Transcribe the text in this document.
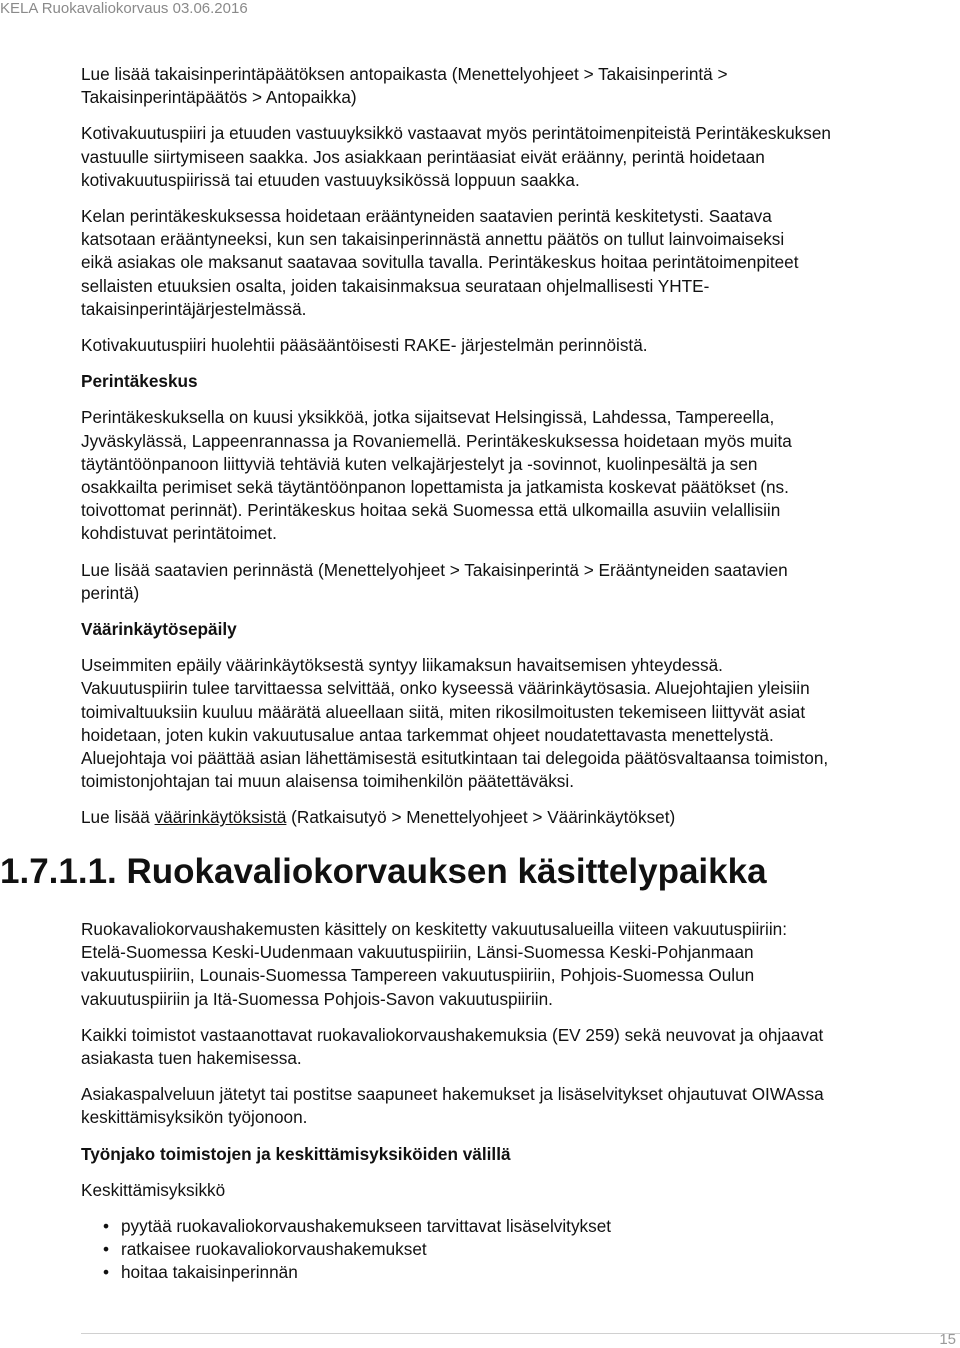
KELA Ruokavaliokorvaus 03.06.2016

Lue lisää takaisinperintäpäätöksen antopaikasta (Menettelyohjeet > Takaisinperintä >
Takaisinperintäpäätös > Antopaikka)

Kotivakuutuspiiri ja etuuden vastuuyksikkö vastaavat myös perintätoimenpiteistä Perintäkeskuksen
vastuulle siirtymiseen saakka. Jos asiakkaan perintäasiat eivät eräänny, perintä hoidetaan
kotivakuutuspiirissä tai etuuden vastuuyksikössä loppuun saakka.

Kelan perintäkeskuksessa hoidetaan erääntyneiden saatavien perintä keskitetysti. Saatava
katsotaan erääntyneeksi, kun sen takaisinperinnästä annettu päätös on tullut lainvoimaiseksi
eikä asiakas ole maksanut saatavaa sovitulla tavalla. Perintäkeskus hoitaa perintätoimenpiteet
sellaisten etuuksien osalta, joiden takaisinmaksua seurataan ohjelmallisesti YHTE-
takaisinperintäjärjestelmässä.

Kotivakuutuspiiri huolehtii pääsääntöisesti RAKE- järjestelmän perinnöistä.

Perintäkeskus

Perintäkeskuksella on kuusi yksikköä, jotka sijaitsevat Helsingissä, Lahdessa, Tampereella,
Jyväskylässä, Lappeenrannassa ja Rovaniemellä. Perintäkeskuksessa hoidetaan myös muita
täytäntöönpanoon liittyviä tehtäviä kuten velkajärjestelyt ja -sovinnot, kuolinpesältä ja sen
osakkailta perimiset sekä täytäntöönpanon lopettamista ja jatkamista koskevat päätökset (ns.
toivottomat perinnät). Perintäkeskus hoitaa sekä Suomessa että ulkomailla asuviin velallisiin
kohdistuvat perintätoimet.

Lue lisää saatavien perinnästä (Menettelyohjeet > Takaisinperintä > Erääntyneiden saatavien
perintä)

Väärinkäytösepäily

Useimmiten epäily väärinkäytöksestä syntyy liikamaksun havaitsemisen yhteydessä.
Vakuutuspiirin tulee tarvittaessa selvittää, onko kyseessä väärinkäytösasia. Aluejohtajien yleisiin
toimivaltuuksiin kuuluu määrätä alueellaan siitä, miten rikosilmoitusten tekemiseen liittyvät asiat
hoidetaan, joten kukin vakuutusalue antaa tarkemmat ohjeet noudatettavasta menettelystä.
Aluejohtaja voi päättää asian lähettämisestä esitutkintaan tai delegoida päätösvaltaansa toimiston,
toimistonjohtajan tai muun alaisensa toimihenkilön päätettäväksi.

Lue lisää väärinkäytöksistä (Ratkaisutyö > Menettelyohjeet > Väärinkäytökset)

1.7.1.1. Ruokavaliokorvauksen käsittelypaikka

Ruokavaliokorvaushakemusten käsittely on keskitetty vakuutusalueilla viiteen vakuutuspiiriin:
Etelä-Suomessa Keski-Uudenmaan vakuutuspiiriin, Länsi-Suomessa Keski-Pohjanmaan
vakuutuspiiriin, Lounais-Suomessa Tampereen vakuutuspiiriin, Pohjois-Suomessa Oulun
vakuutuspiiriin ja Itä-Suomessa Pohjois-Savon vakuutuspiiriin.

Kaikki toimistot vastaanottavat ruokavaliokorvaushakemuksia (EV 259) sekä neuvovat ja ohjaavat
asiakasta tuen hakemisessa.

Asiakaspalveluun jätetyt tai postitse saapuneet hakemukset ja lisäselvitykset ohjautuvat OIWAssa
keskittämisyksikön työjonoon.

Työnjako toimistojen ja keskittämisyksiköiden välillä

Keskittämisyksikkö

• pyytää ruokavaliokorvaushakemukseen tarvittavat lisäselvitykset
• ratkaisee ruokavaliokorvaushakemukset
• hoitaa takaisinperinnän
15
